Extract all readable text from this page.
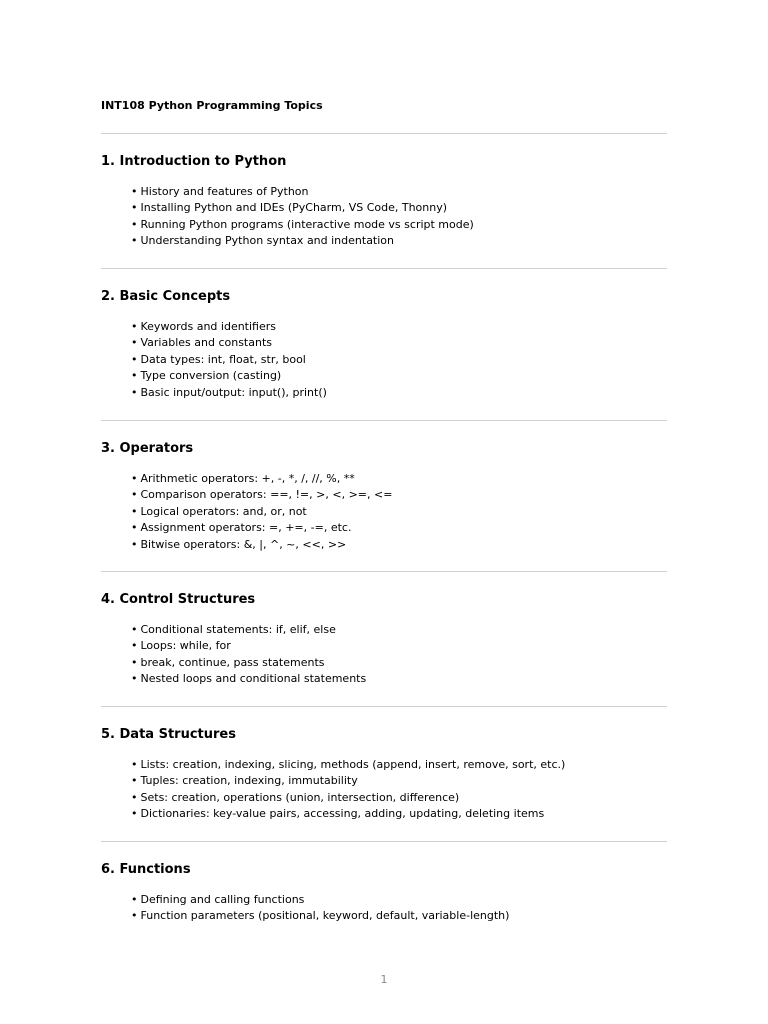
INT108 Python Programming Topics
1. Introduction to Python
• History and features of Python
• Installing Python and IDEs (PyCharm, VS Code, Thonny)
• Running Python programs (interactive mode vs script mode)
• Understanding Python syntax and indentation
2. Basic Concepts
• Keywords and identifiers
• Variables and constants
• Data types: int, float, str, bool
• Type conversion (casting)
• Basic input/output: input(), print()
3. Operators
• Arithmetic operators: +, -, *, /, //, %, **
• Comparison operators: ==, !=, >, <, >=, <=
• Logical operators: and, or, not
• Assignment operators: =, +=, -=, etc.
• Bitwise operators: &, |, ^, ~, <<, >>
4. Control Structures
• Conditional statements: if, elif, else
• Loops: while, for
• break, continue, pass statements
• Nested loops and conditional statements
5. Data Structures
• Lists: creation, indexing, slicing, methods (append, insert, remove, sort, etc.)
• Tuples: creation, indexing, immutability
• Sets: creation, operations (union, intersection, difference)
• Dictionaries: key-value pairs, accessing, adding, updating, deleting items
6. Functions
• Defining and calling functions
• Function parameters (positional, keyword, default, variable-length)
1
